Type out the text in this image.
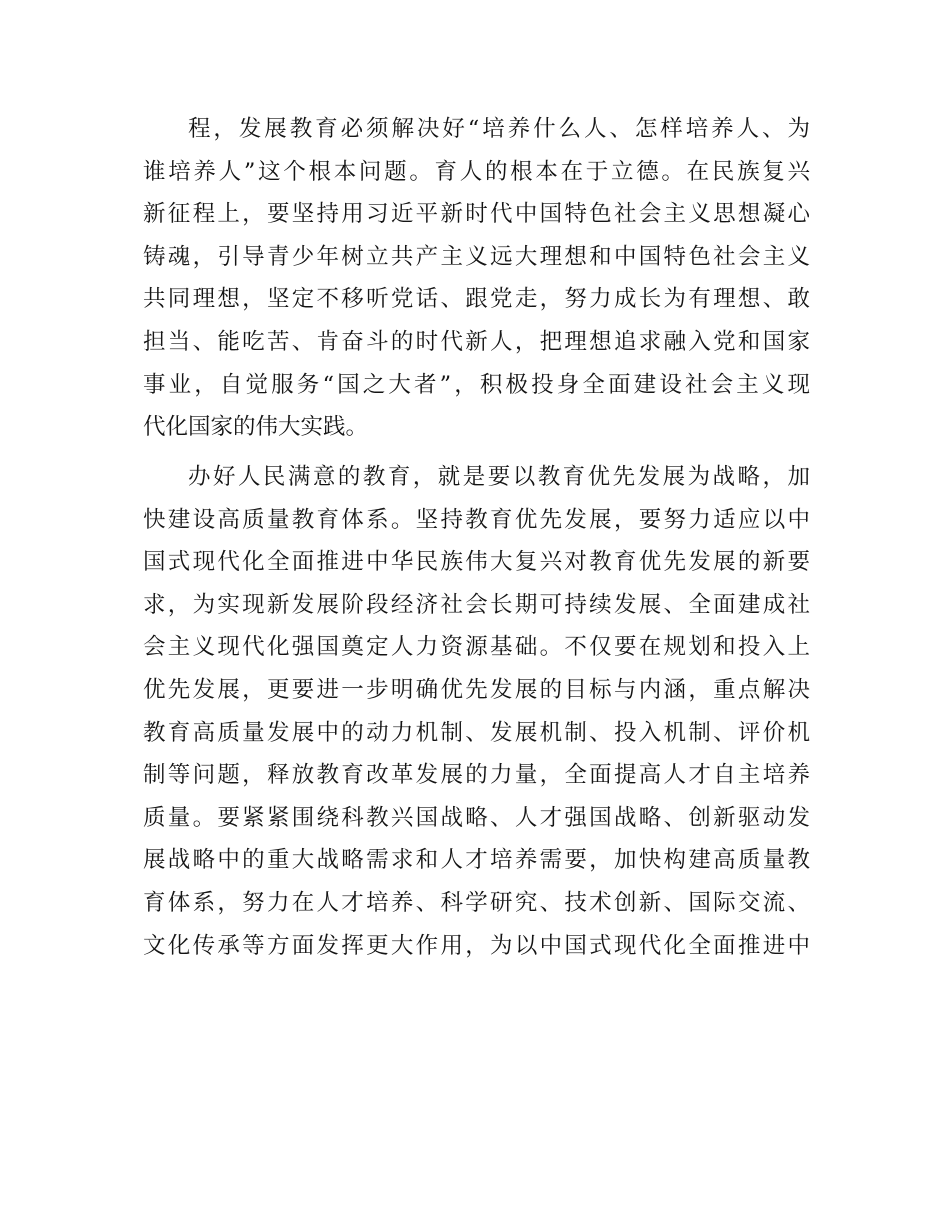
程，发展教育必须解决好“培养什么人、怎样培养人、为
谁培养人”这个根本问题。育人的根本在于立德。在民族复兴
新征程上，要坚持用习近平新时代中国特色社会主义思想凝心
铸魂，引导青少年树立共产主义远大理想和中国特色社会主义
共同理想，坚定不移听党话、跟党走，努力成长为有理想、敢
担当、能吃苦、肯奋斗的时代新人，把理想追求融入党和国家
事业，自觉服务“国之大者”，积极投身全面建设社会主义现
代化国家的伟大实践。
办好人民满意的教育，就是要以教育优先发展为战略，加
快建设高质量教育体系。坚持教育优先发展，要努力适应以中
国式现代化全面推进中华民族伟大复兴对教育优先发展的新要
求，为实现新发展阶段经济社会长期可持续发展、全面建成社
会主义现代化强国奠定人力资源基础。不仅要在规划和投入上
优先发展，更要进一步明确优先发展的目标与内涵，重点解决
教育高质量发展中的动力机制、发展机制、投入机制、评价机
制等问题，释放教育改革发展的力量，全面提高人才自主培养
质量。要紧紧围绕科教兴国战略、人才强国战略、创新驱动发
展战略中的重大战略需求和人才培养需要，加快构建高质量教
育体系，努力在人才培养、科学研究、技术创新、国际交流、
文化传承等方面发挥更大作用，为以中国式现代化全面推进中
